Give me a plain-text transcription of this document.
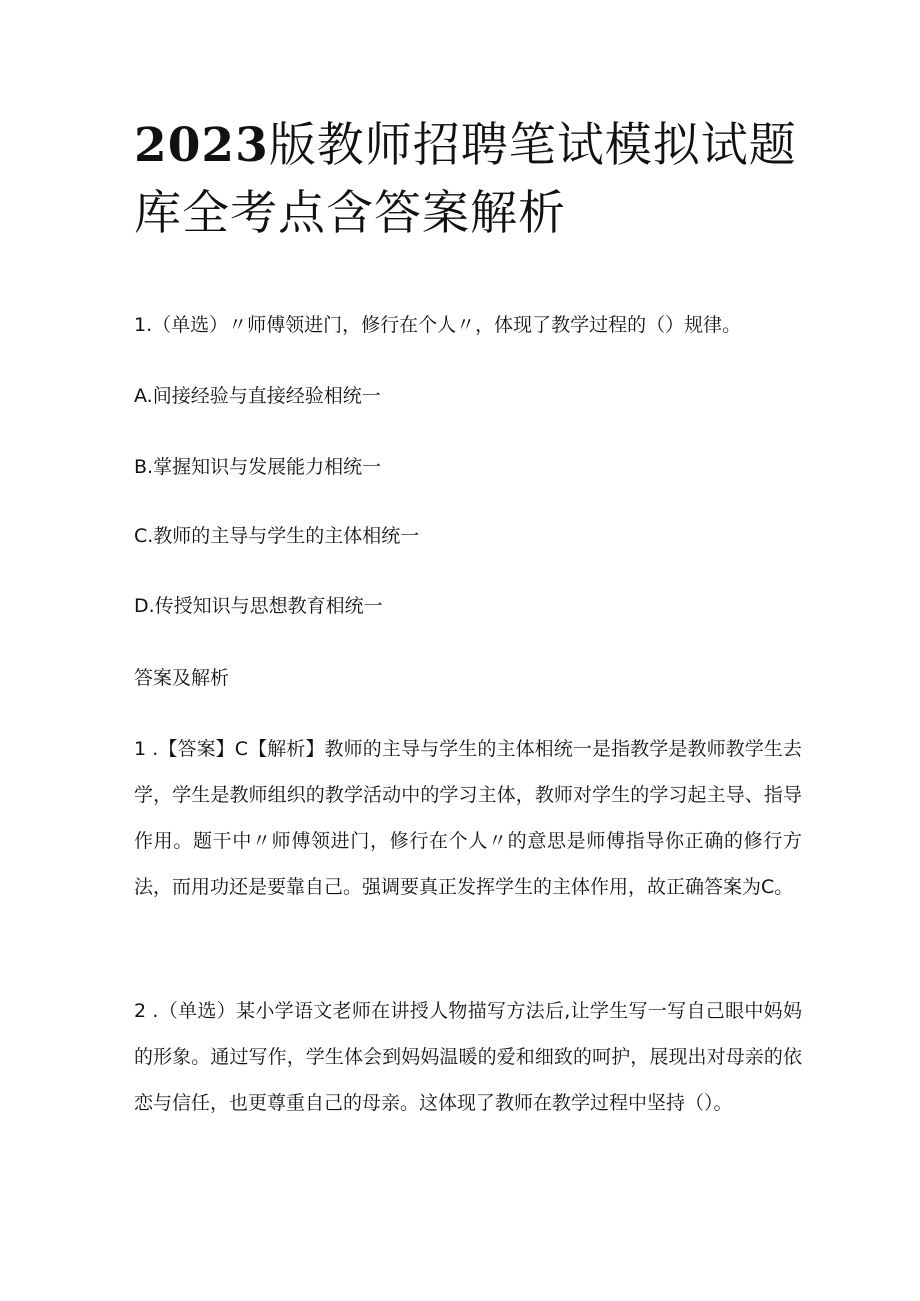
2023版教师招聘笔试模拟试题库全考点含答案解析

1.（单选）〃师傅领进门，修行在个人〃，体现了教学过程的（）规律。

A.间接经验与直接经验相统一

B.掌握知识与发展能力相统一

C.教师的主导与学生的主体相统一

D.传授知识与思想教育相统一

答案及解析

1 .【答案】C【解析】教师的主导与学生的主体相统一是指教学是教师教学生去学，学生是教师组织的教学活动中的学习主体，教师对学生的学习起主导、指导作用。题干中〃师傅领进门，修行在个人〃的意思是师傅指导你正确的修行方法，而用功还是要靠自己。强调要真正发挥学生的主体作用，故正确答案为C。

2 .（单选）某小学语文老师在讲授人物描写方法后,让学生写一写自己眼中妈妈的形象。通过写作，学生体会到妈妈温暖的爱和细致的呵护，展现出对母亲的依恋与信任，也更尊重自己的母亲。这体现了教师在教学过程中坚持（）。
